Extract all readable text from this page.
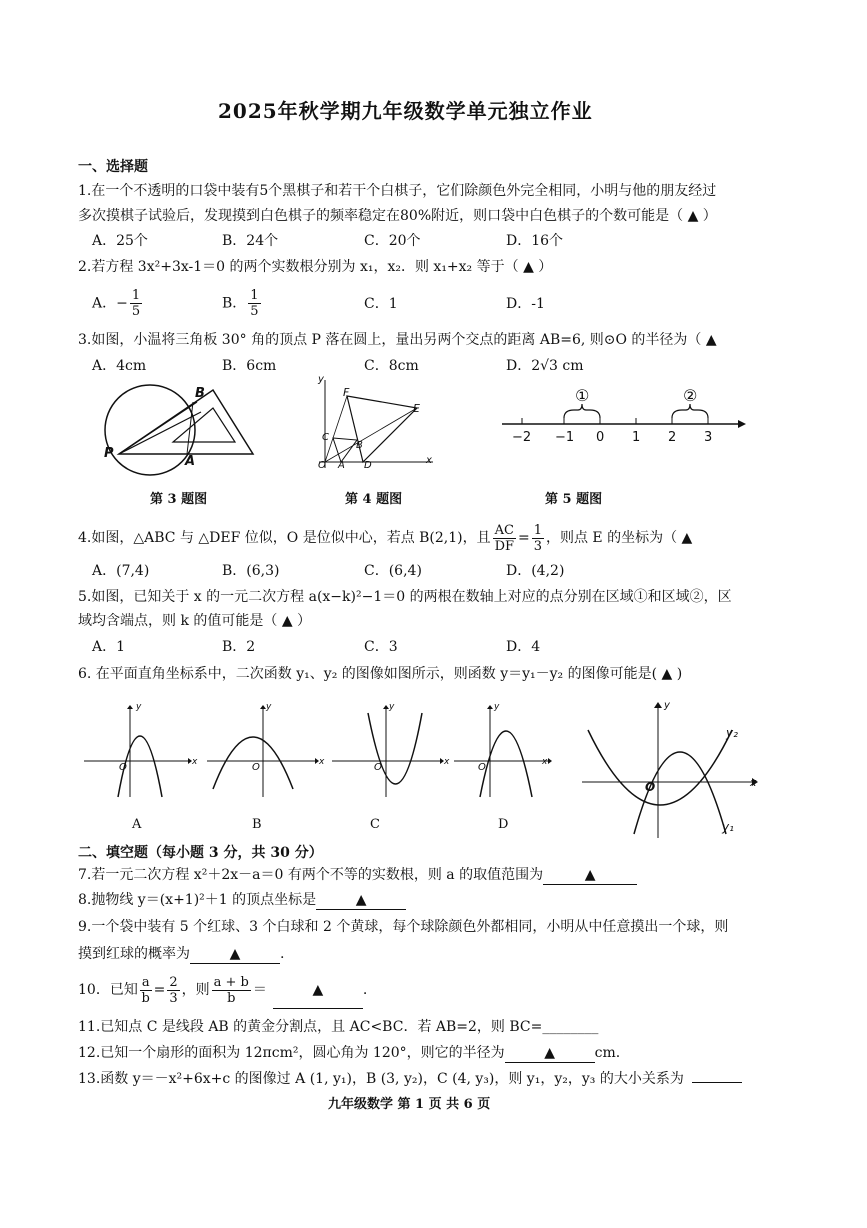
2025年秋学期九年级数学单元独立作业
一、选择题
1.在一个不透明的口袋中装有5个黑棋子和若干个白棋子，它们除颜色外完全相同，小明与他的朋友经过
多次摸棋子试验后，发现摸到白色棋子的频率稳定在80%附近，则口袋中白色棋子的个数可能是（ ▲ ）
A．25个	B．24个	C．20个	D．16个
2.若方程 3x²+3x-1＝0 的两个实数根分别为 x₁，x₂．则 x₁+x₂ 等于（ ▲ ）
A．− $\frac{1}{5}$	B． $\frac{1}{5}$	C．1	D．-1
3.如图，小温将三角板 30° 角的顶点 P 落在圆上，量出另两个交点的距离 AB=6, 则⊙O 的半径为（ ▲
A．4cm	B．6cm	C．8cm	D．2√3 cm
B
P
A
y
F
E
C
B
O A D	x
①	②
−2 −1 0 1 2 3
第 3 题图	第 4 题图	第 5 题图
4.如图，△ABC 与 △DEF 位似，O 是位似中心，若点 B(2,1)，且 $\frac{AC}{DF} = \frac{1}{3}$ ，则点 E 的坐标为（ ▲
A．(7,4)	B．(6,3)	C．(6,4)	D．(4,2)
5.如图，已知关于 x 的一元二次方程 a(x−k)²−1＝0 的两根在数轴上对应的点分别在区域①和区域②，区
域均含端点，则 k 的值可能是（ ▲ ）
A．1	B．2	C．3	D．4
6. 在平面直角坐标系中，二次函数 y₁、y₂ 的图像如图所示，则函数 y＝y₁－y₂ 的图像可能是( ▲ )
y
O	x
y
O	x
y
O	x
y
O	x
A	B	C	D
y
O	x
y₂
y₁
二、填空题（每小题 3 分，共 30 分）
7.若一元二次方程 x²＋2x－a＝0 有两个不等的实数根，则 a 的取值范围为	▲
8.抛物线 y＝(x+1)²＋1 的顶点坐标是	▲
9.一个袋中装有 5 个红球、3 个白球和 2 个黄球，每个球除颜色外都相同，小明从中任意摸出一个球，则
摸到红球的概率为	▲	.
10．已知 $\frac{a}{b} = \frac{2}{3}$ ，则 $\frac{a + b}{b}$ ＝	▲	.
11.已知点 C 是线段 AB 的黄金分割点，且 AC<BC．若 AB=2，则 BC=________
12.已知一个扇形的面积为 12πcm²，圆心角为 120°，则它的半径为	▲	cm.
13.函数 y＝－x²+6x+c 的图像过 A (1, y₁)，B (3, y₂)，C (4, y₃)，则 y₁，y₂，y₃ 的大小关系为
九年级数学 第 1 页 共 6 页
